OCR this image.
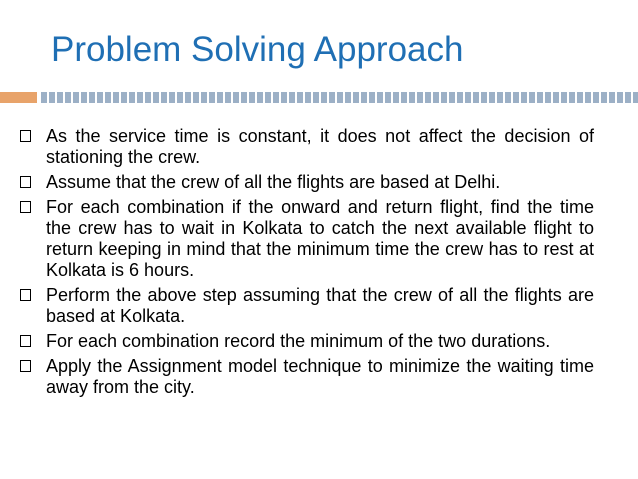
Problem Solving Approach
As the service time is constant, it does not affect the decision of stationing the crew.
Assume that the crew of all the flights are based at Delhi.
For each combination if the onward and return flight, find the time the crew has to wait in Kolkata to catch the next available flight to return keeping in mind that the minimum time the crew has to rest at Kolkata is 6 hours.
Perform the above step assuming that the crew of all the flights are based at Kolkata.
For each combination record the minimum of the two durations.
Apply the Assignment model technique to minimize the waiting time away from the city.
